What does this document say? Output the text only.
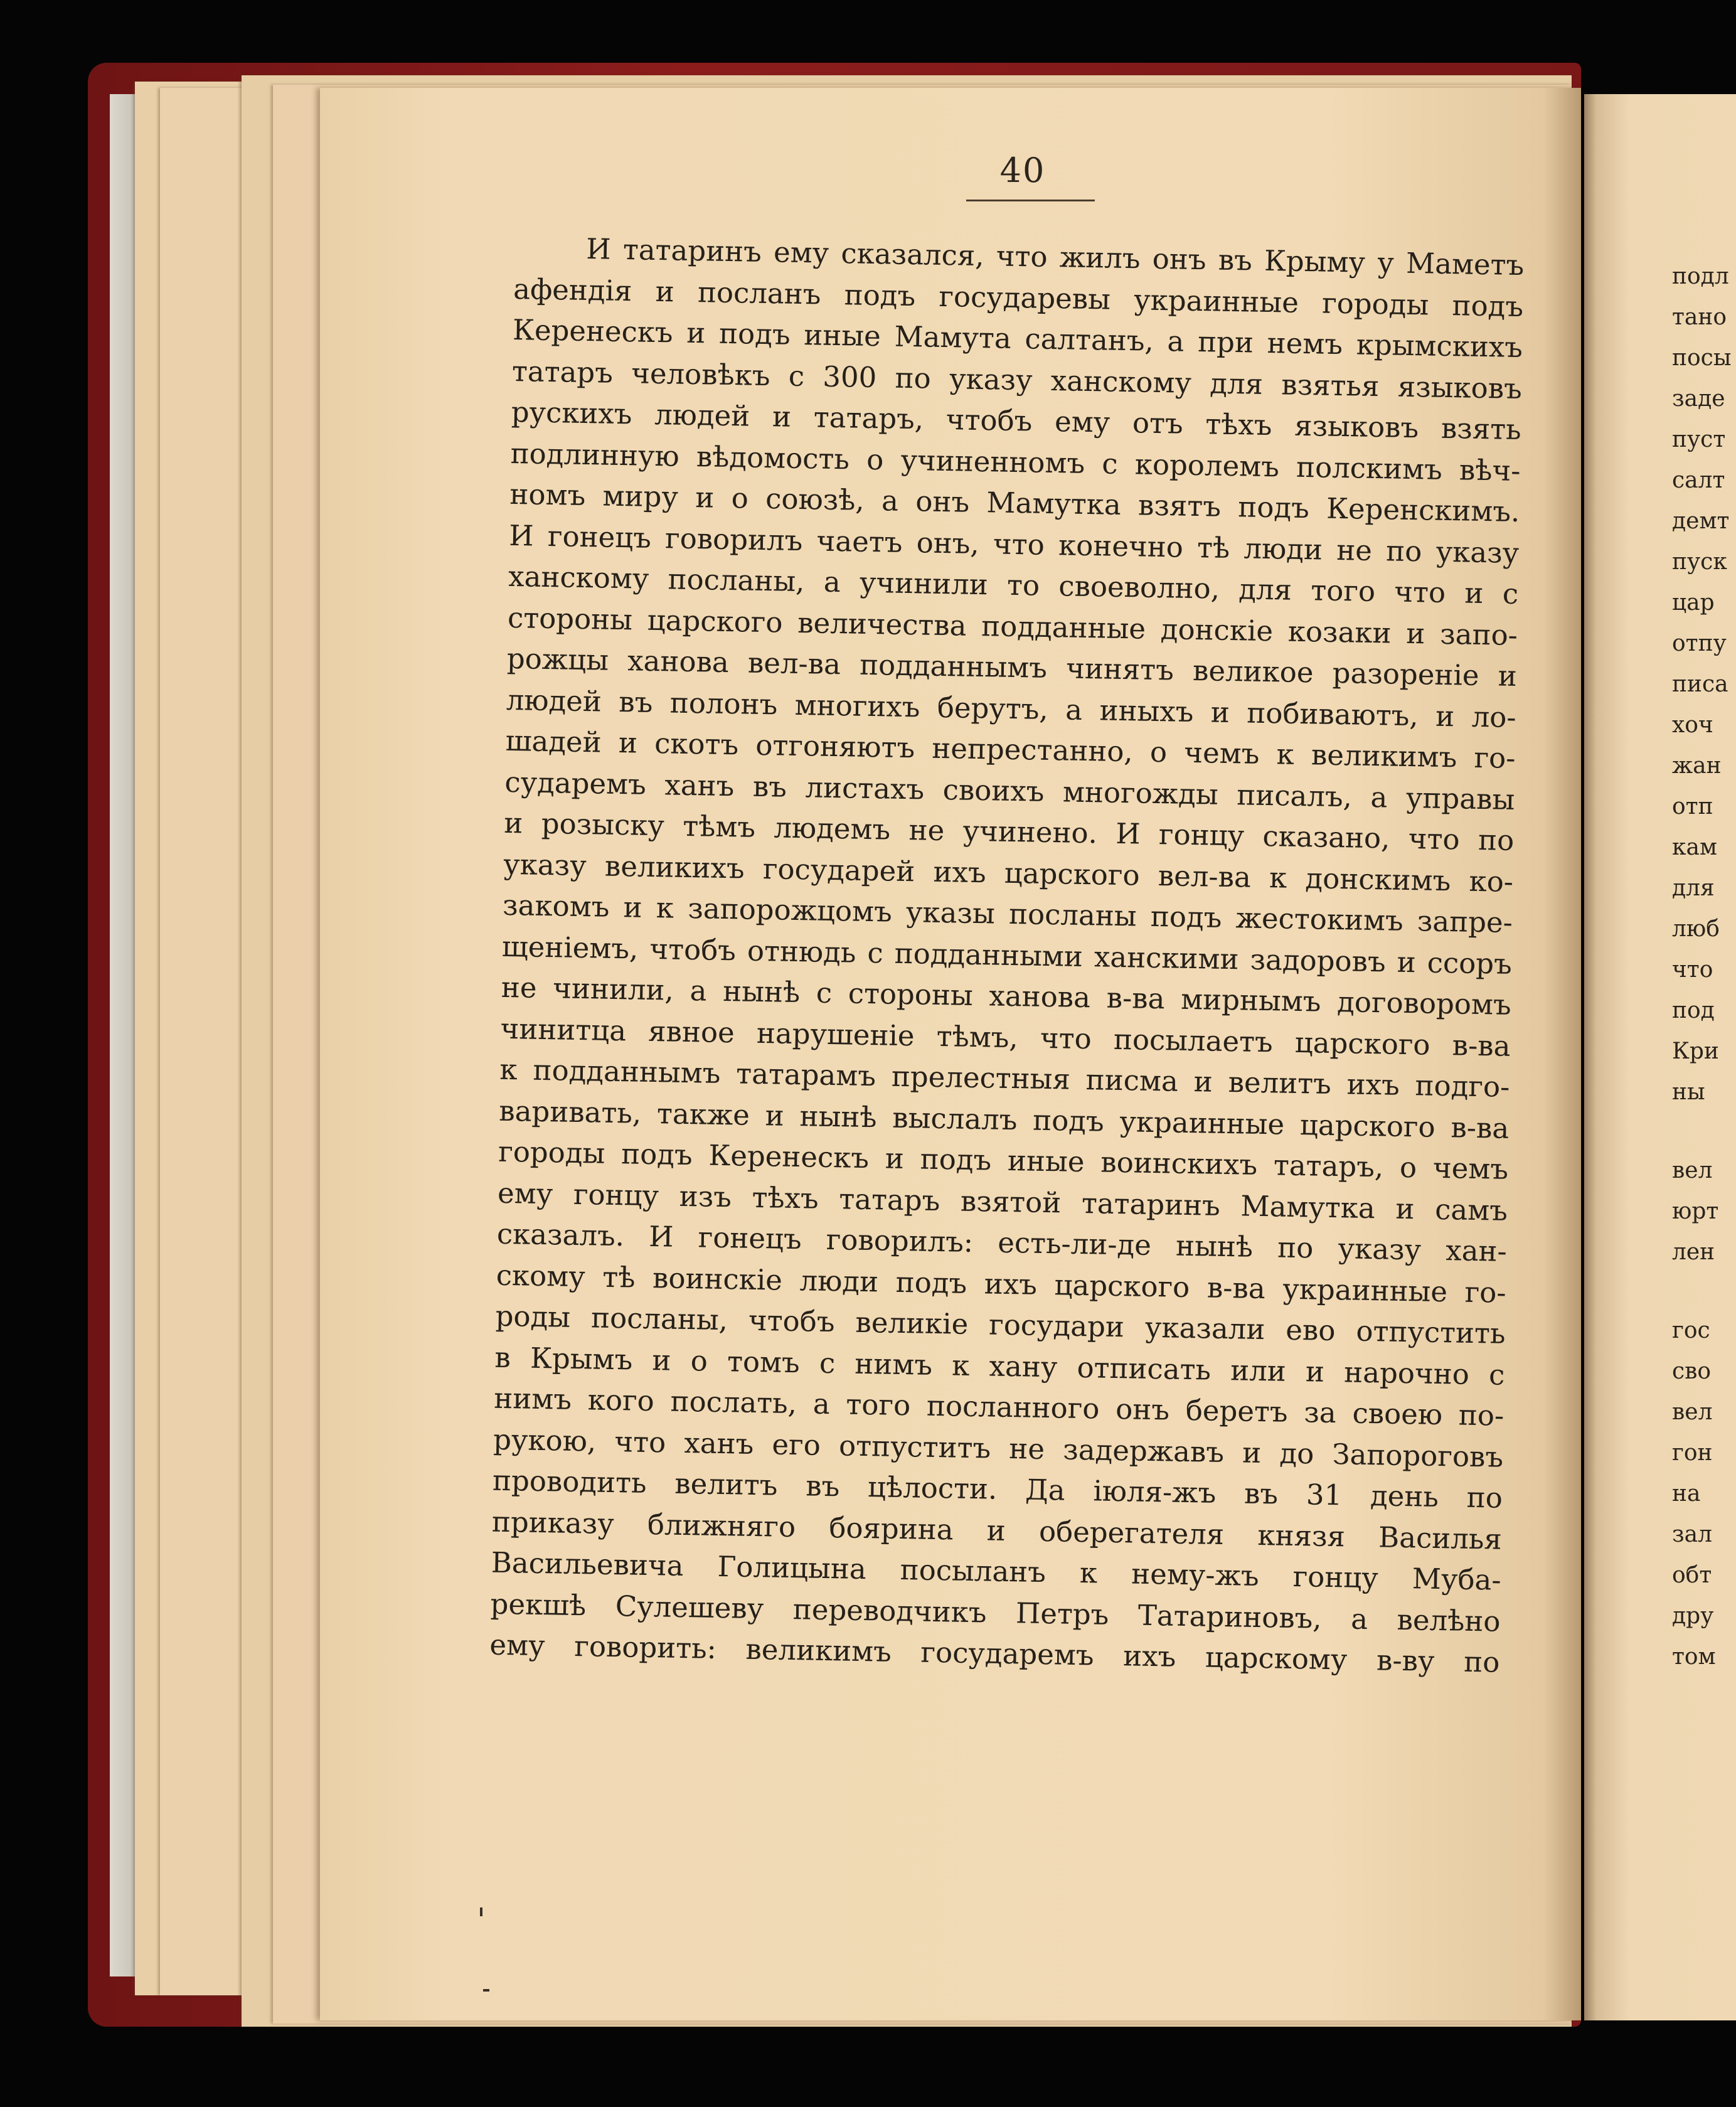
40
И татаринъ ему сказался, что жилъ онъ въ Крыму у Маметъ
афендія и посланъ подъ государевы украинные городы подъ
Керенескъ и подъ иные Мамута салтанъ, а при немъ крымскихъ
татаръ человѣкъ с 300 по указу ханскому для взятья языковъ
рускихъ людей и татаръ, чтобъ ему отъ тѣхъ языковъ взять
подлинную вѣдомость о учиненномъ с королемъ полскимъ вѣч-
номъ миру и о союзѣ, а онъ Мамутка взятъ подъ Керенскимъ.
И гонецъ говорилъ чаетъ онъ, что конечно тѣ люди не по указу
ханскому посланы, а учинили то своеволно, для того что и с
стороны царского величества подданные донскіе козаки и запо-
рожцы ханова вел-ва подданнымъ чинятъ великое разореніе и
людей въ полонъ многихъ берутъ, а иныхъ и побиваютъ, и ло-
шадей и скотъ отгоняютъ непрестанно, о чемъ к великимъ го-
сударемъ ханъ въ листахъ своихъ многожды писалъ, а управы
и розыску тѣмъ людемъ не учинено. И гонцу сказано, что по
указу великихъ государей ихъ царского вел-ва к донскимъ ко-
закомъ и к запорожцомъ указы посланы подъ жестокимъ запре-
щеніемъ, чтобъ отнюдь с подданными ханскими задоровъ и ссоръ
не чинили, а нынѣ с стороны ханова в-ва мирнымъ договоромъ
чинитца явное нарушеніе тѣмъ, что посылаетъ царского в-ва
к подданнымъ татарамъ прелестныя писма и велитъ ихъ подго-
варивать, также и нынѣ выслалъ подъ украинные царского в-ва
городы подъ Керенескъ и подъ иные воинскихъ татаръ, о чемъ
ему гонцу изъ тѣхъ татаръ взятой татаринъ Мамутка и самъ
сказалъ. И гонецъ говорилъ: есть-ли-де нынѣ по указу хан-
скому тѣ воинскіе люди подъ ихъ царского в-ва украинные го-
роды посланы, чтобъ великіе государи указали ево отпустить
в Крымъ и о томъ с нимъ к хану отписать или и нарочно с
нимъ кого послать, а того посланного онъ беретъ за своею по-
рукою, что ханъ его отпуститъ не задержавъ и до Запороговъ
проводить велитъ въ цѣлости. Да іюля-жъ въ 31 день по
приказу ближняго боярина и оберегателя князя Василья
Васильевича Голицына посыланъ к нему-жъ гонцу Муба-
рекшѣ Сулешеву переводчикъ Петръ Татариновъ, а велѣно
ему говорить: великимъ государемъ ихъ царскому в-ву по
подл
тано
посы
заде
пуст
салт
демт
пуск
цар
отпу
писа
хоч
жан
отп
кам
для
люб
что
под
Кри
ны
вел
юрт
лен
гос
сво
вел
гон
на
зал
обт
дру
том
